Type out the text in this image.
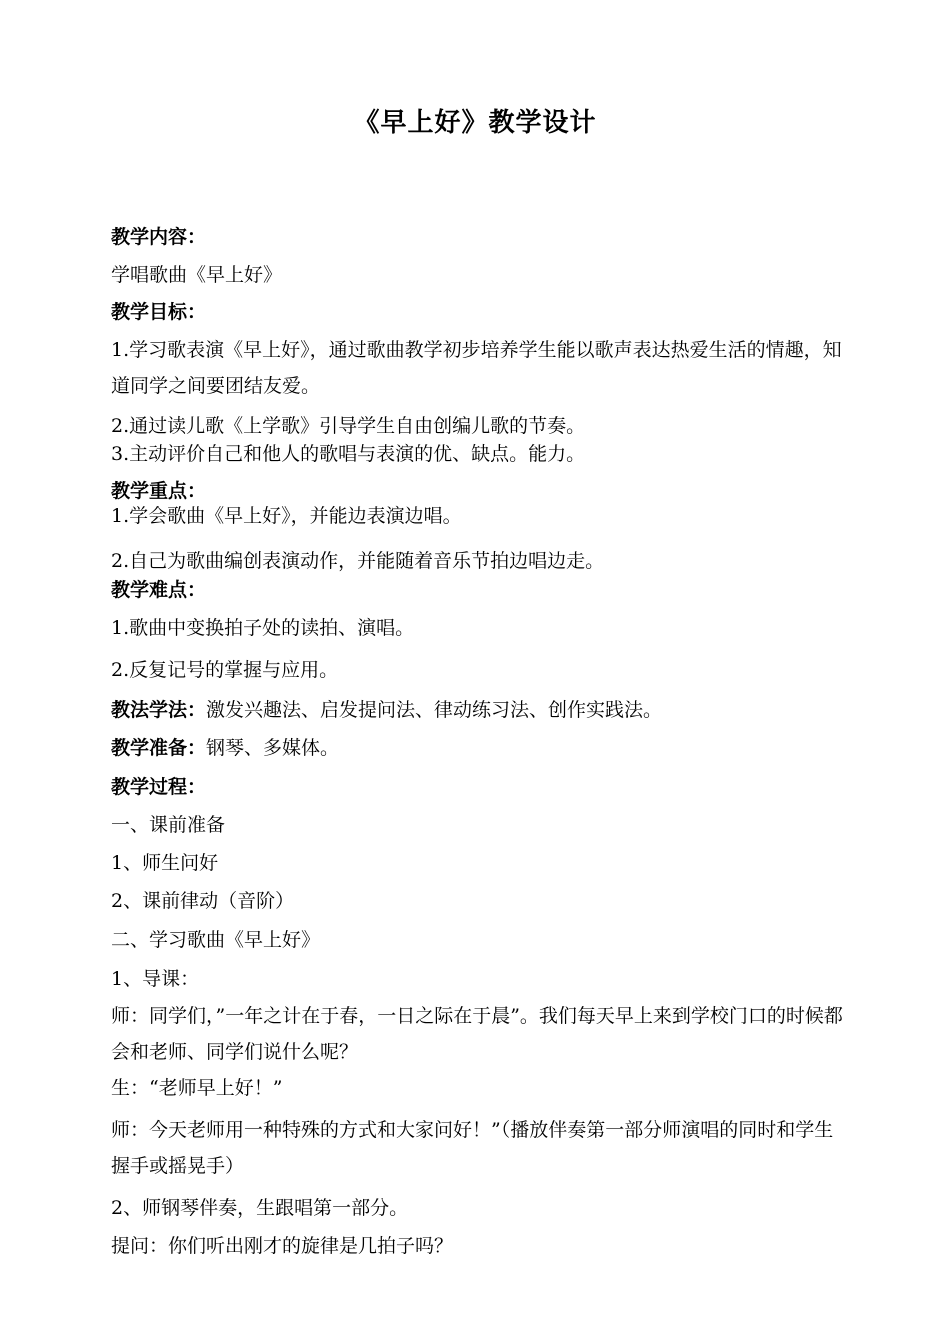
《早上好》教学设计
教学内容：
学唱歌曲《早上好》
教学目标：
1.学习歌表演《早上好》，通过歌曲教学初步培养学生能以歌声表达热爱生活的情趣，知道同学之间要团结友爱。
2.通过读儿歌《上学歌》引导学生自由创编儿歌的节奏。
3.主动评价自己和他人的歌唱与表演的优、缺点。能力。
教学重点：
1.学会歌曲《早上好》，并能边表演边唱。
2.自己为歌曲编创表演动作，并能随着音乐节拍边唱边走。
教学难点：
1.歌曲中变换拍子处的读拍、演唱。
2.反复记号的掌握与应用。
教法学法：激发兴趣法、启发提问法、律动练习法、创作实践法。
教学准备：钢琴、多媒体。
教学过程：
一、课前准备
1、师生问好
2、课前律动（音阶）
二、学习歌曲《早上好》
1、导课：
师：同学们，”一年之计在于春，一日之际在于晨”。我们每天早上来到学校门口的时候都会和老师、同学们说什么呢？
生：“老师早上好！”
师：今天老师用一种特殊的方式和大家问好！”（播放伴奏第一部分师演唱的同时和学生握手或摇晃手）
2、师钢琴伴奏，生跟唱第一部分。
提问：你们听出刚才的旋律是几拍子吗？
